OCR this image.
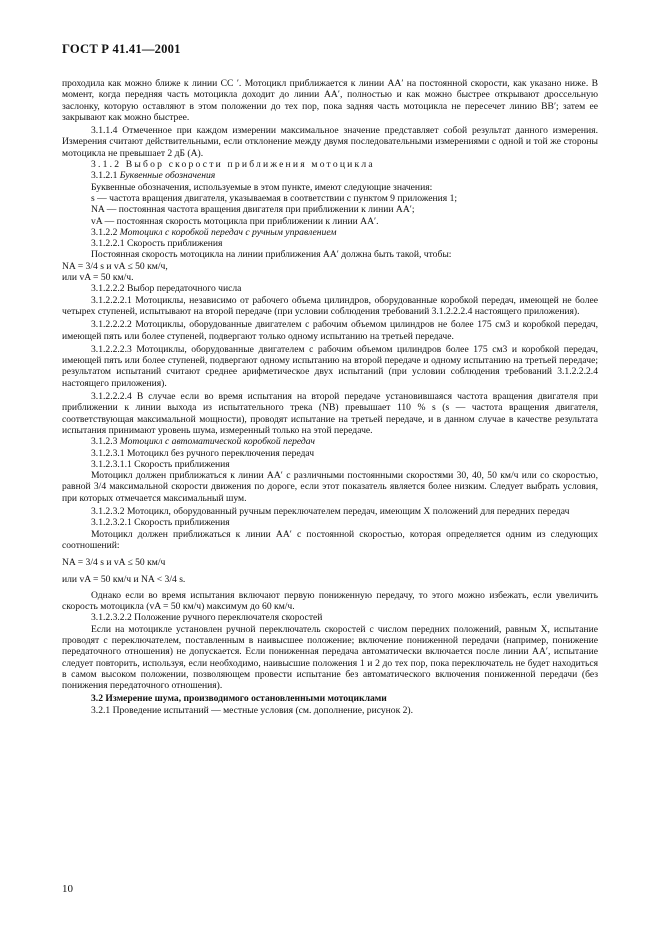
ГОСТ Р 41.41—2001

проходила как можно ближе к линии CC ′. Мотоцикл приближается к линии AA′ на постоянной скорости, как указано ниже. В момент, когда передняя часть мотоцикла доходит до линии AA′, полностью и как можно быстрее открывают дроссельную заслонку, которую оставляют в этом положении до тех пор, пока задняя часть мотоцикла не пересечет линию BB′; затем ее закрывают как можно быстрее.

3.1.1.4 Отмеченное при каждом измерении максимальное значение представляет собой результат данного измерения. Измерения считают действительными, если отклонение между двумя последовательными измерениями с одной и той же стороны мотоцикла не превышает 2 дБ (А).

3.1.2 Выбор скорости приближения мотоцикла

3.1.2.1 Буквенные обозначения

Буквенные обозначения, используемые в этом пункте, имеют следующие значения:

s — частота вращения двигателя, указываемая в соответствии с пунктом 9 приложения 1;

NA — постоянная частота вращения двигателя при приближении к линии AA′;

vA — постоянная скорость мотоцикла при приближении к линии AA′.

3.1.2.2 Мотоцикл с коробкой передач с ручным управлением

3.1.2.2.1 Скорость приближения

Постоянная скорость мотоцикла на линии приближения AA′ должна быть такой, чтобы:

NA = 3/4 s и vA ≤ 50 км/ч,

или vA = 50 км/ч.

3.1.2.2.2 Выбор передаточного числа

3.1.2.2.2.1 Мотоциклы, независимо от рабочего объема цилиндров, оборудованные коробкой передач, имеющей не более четырех ступеней, испытывают на второй передаче (при условии соблюдения требований 3.1.2.2.2.4 настоящего приложения).

3.1.2.2.2.2 Мотоциклы, оборудованные двигателем с рабочим объемом цилиндров не более 175 см3 и коробкой передач, имеющей пять или более ступеней, подвергают только одному испытанию на третьей передаче.

3.1.2.2.2.3 Мотоциклы, оборудованные двигателем с рабочим объемом цилиндров более 175 см3 и коробкой передач, имеющей пять или более ступеней, подвергают одному испытанию на второй передаче и одному испытанию на третьей передаче; результатом испытаний считают среднее арифметическое двух испытаний (при условии соблюдения требований 3.1.2.2.2.4 настоящего приложения).

3.1.2.2.2.4 В случае если во время испытания на второй передаче установившаяся частота вращения двигателя при приближении к линии выхода из испытательного трека (NB) превышает 110 % s (s — частота вращения двигателя, соответствующая максимальной мощности), проводят испытание на третьей передаче, и в данном случае в качестве результата испытания принимают уровень шума, измеренный только на этой передаче.

3.1.2.3 Мотоцикл с автоматической коробкой передач

3.1.2.3.1 Мотоцикл без ручного переключения передач

3.1.2.3.1.1 Скорость приближения

Мотоцикл должен приближаться к линии AA′ с различными постоянными скоростями 30, 40, 50 км/ч или со скоростью, равной 3/4 максимальной скорости движения по дороге, если этот показатель является более низким. Следует выбрать условия, при которых отмечается максимальный шум.

3.1.2.3.2 Мотоцикл, оборудованный ручным переключателем передач, имеющим X положений для передних передач

3.1.2.3.2.1 Скорость приближения

Мотоцикл должен приближаться к линии AA′ с постоянной скоростью, которая определяется одним из следующих соотношений:

NA = 3/4 s и vA ≤ 50 км/ч

или vA = 50 км/ч и NA < 3/4 s.

Однако если во время испытания включают первую пониженную передачу, то этого можно избежать, если увеличить скорость мотоцикла (vA = 50 км/ч) максимум до 60 км/ч.

3.1.2.3.2.2 Положение ручного переключателя скоростей

Если на мотоцикле установлен ручной переключатель скоростей с числом передних положений, равным X, испытание проводят с переключателем, поставленным в наивысшее положение; включение пониженной передачи (например, понижение передаточного отношения) не допускается. Если пониженная передача автоматически включается после линии AA′, испытание следует повторить, используя, если необходимо, наивысшие положения 1 и 2 до тех пор, пока переключатель не будет находиться в самом высоком положении, позволяющем провести испытание без автоматического включения пониженной передачи (без понижения передаточного отношения).

3.2 Измерение шума, производимого остановленными мотоциклами

3.2.1 Проведение испытаний — местные условия (см. дополнение, рисунок 2).

10
